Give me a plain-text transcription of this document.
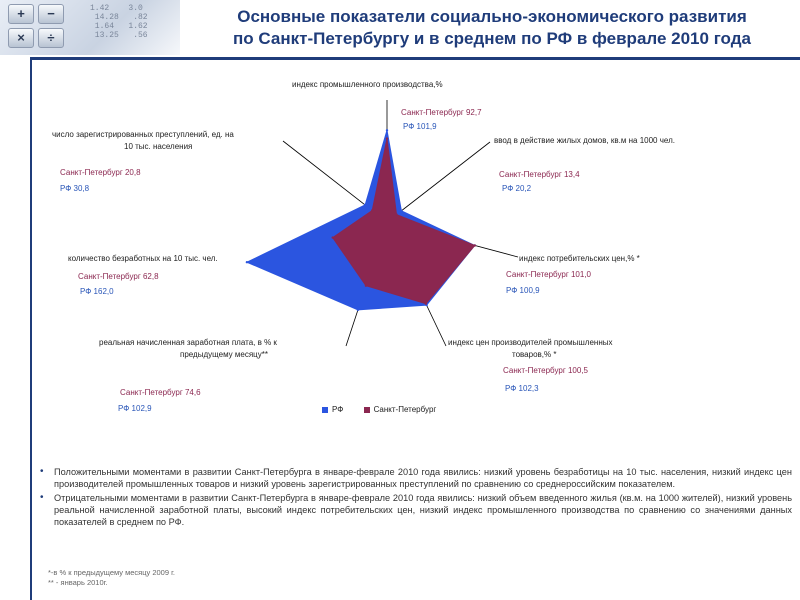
+	−
×	÷
1.42    3.0
14.28   .82
1.64   1.62
13.25   .56
Основные показатели социально-экономического развития
по Санкт-Петербургу и в среднем по РФ в феврале 2010 года
индекс промышленного производства,%
ввод в действие жилых домов, кв.м на 1000 чел.
индекс потребительских цен,% *
индекс цен производителей промышленных
товаров,% *
реальная начисленная заработная плата, в % к
предыдущему месяцу**
количество безработных на 10 тыс. чел.
число зарегистрированных преступлений, ед. на
10 тыс. населения
Санкт-Петербург 92,7
РФ 101,9
Санкт-Петербург 13,4
РФ 20,2
Санкт-Петербург 101,0
РФ 100,9
Санкт-Петербург 100,5
РФ 102,3
Санкт-Петербург 74,6
РФ 102,9
Санкт-Петербург 62,8
РФ 162,0
Санкт-Петербург 20,8
РФ 30,8
РФ	Санкт-Петербург
• Положительными моментами в развитии Санкт-Петербурга в январе-феврале 2010 года явились: низкий уровень безработицы на 10 тыс. населения, низкий индекс цен производителей промышленных товаров и низкий уровень зарегистрированных преступлений по сравнению со среднероссийским показателем.
• Отрицательными моментами в развитии Санкт-Петербурга в январе-феврале 2010 года явились: низкий объем введенного жилья (кв.м. на 1000 жителей), низкий уровень реальной начисленной заработной платы, высокий индекс потребительских цен, низкий индекс промышленного производства по сравнению со значениями данных показателей в среднем по РФ.
*-в % к предыдущему месяцу 2009 г.
** - январь 2010г.
